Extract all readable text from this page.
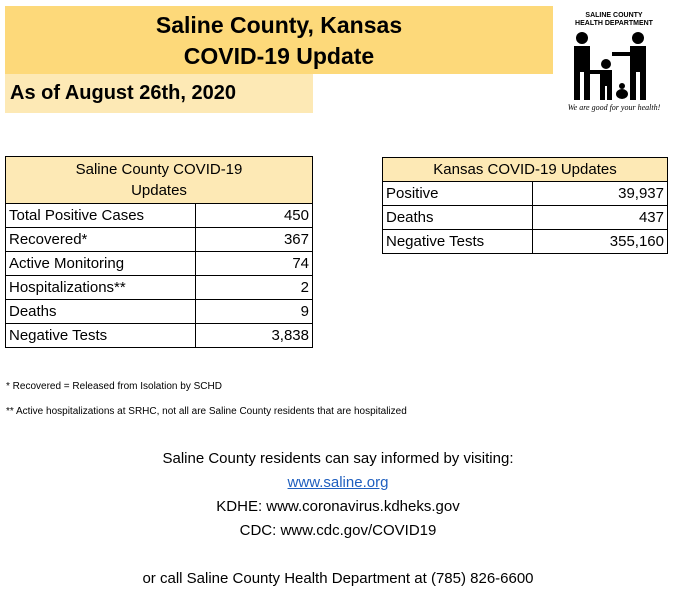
Saline County, Kansas
COVID-19 Update
As of August 26th, 2020
SALINE COUNTY
HEALTH DEPARTMENT
We are good for your health!
Saline County COVID-19
Updates	

Total Positive Cases	450
Recovered*	367
Active Monitoring	74
Hospitalizations**	2
Deaths	9
Negative Tests	3,838
Kansas COVID-19 Updates	
Positive	39,937
Deaths	437
Negative Tests	355,160
* Recovered = Released from Isolation by SCHD
** Active hospitalizations at SRHC, not all are Saline County residents that are hospitalized
Saline County residents can say informed by visiting:
www.saline.org
KDHE: www.coronavirus.kdheks.gov
CDC: www.cdc.gov/COVID19
or call Saline County Health Department at (785) 826-6600
